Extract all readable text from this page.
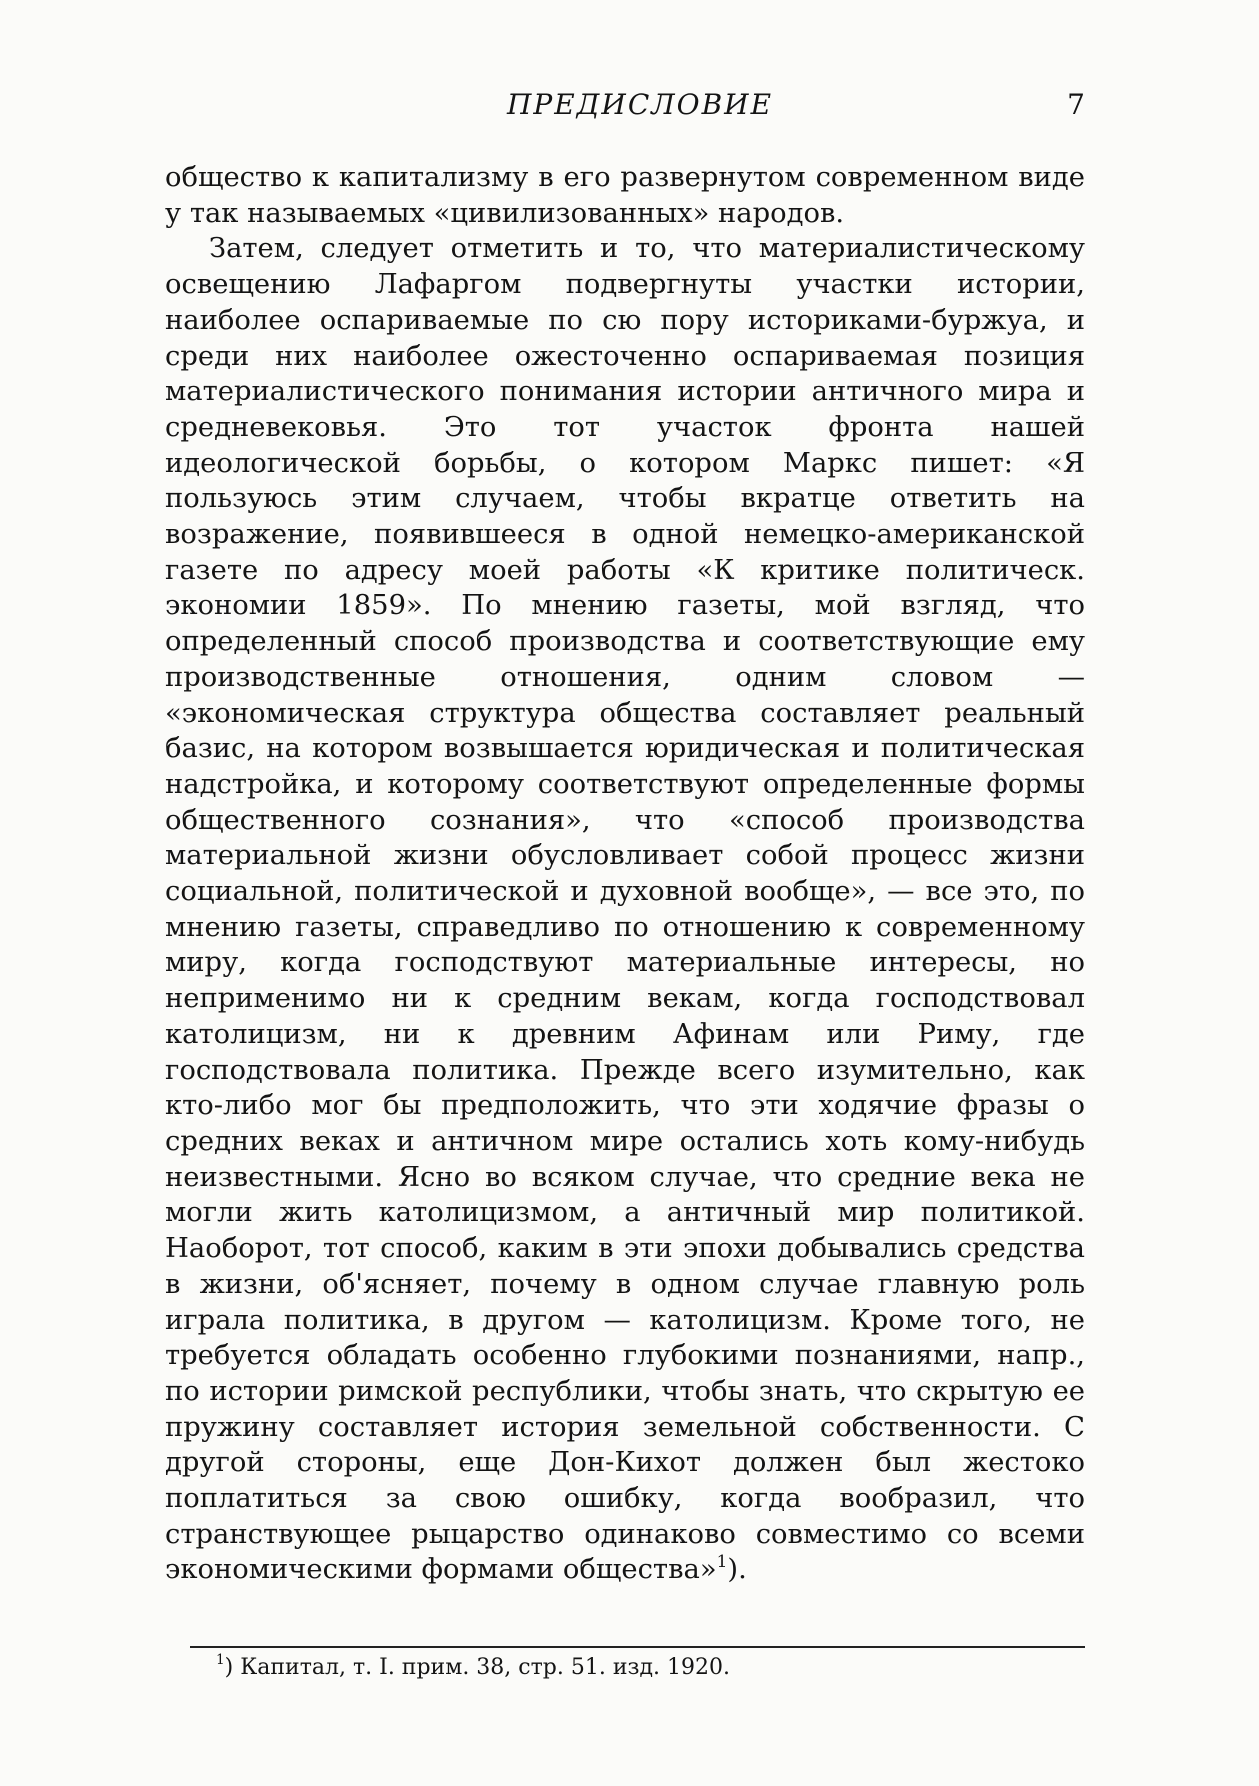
ПРЕДИСЛОВИЕ	7

общество к капитализму в его развернутом современном виде у так называемых «цивилизованных» народов.

Затем, следует отметить и то, что материалистическому освещению Лафаргом подвергнуты участки истории, наиболее оспариваемые по сю пору историками-буржуа, и среди них наиболее ожесточенно оспариваемая позиция материалистического понимания истории античного мира и средневековья. Это тот участок фронта нашей идеологической борьбы, о котором Маркс пишет: «Я пользуюсь этим случаем, чтобы вкратце ответить на возражение, появившееся в одной немецко-американской газете по адресу моей работы «К критике политическ. экономии 1859». По мнению газеты, мой взгляд, что определенный способ производства и соответствующие ему производственные отношения, одним словом — «экономическая структура общества составляет реальный базис, на котором возвышается юридическая и политическая надстройка, и которому соответствуют определенные формы общественного сознания», что «способ производства материальной жизни обусловливает собой процесс жизни социальной, политической и духовной вообще», — все это, по мнению газеты, справедливо по отношению к современному миру, когда господствуют материальные интересы, но неприменимо ни к средним векам, когда господствовал католицизм, ни к древним Афинам или Риму, где господствовала политика. Прежде всего изумительно, как кто-либо мог бы предположить, что эти ходячие фразы о средних веках и античном мире остались хоть кому-нибудь неизвестными. Ясно во всяком случае, что средние века не могли жить католицизмом, а античный мир политикой. Наоборот, тот способ, каким в эти эпохи добывались средства в жизни, об'ясняет, почему в одном случае главную роль играла политика, в другом — католицизм. Кроме того, не требуется обладать особенно глубокими познаниями, напр., по истории римской республики, чтобы знать, что скрытую ее пружину составляет история земельной собственности. С другой стороны, еще Дон-Кихот должен был жестоко поплатиться за свою ошибку, когда вообразил, что странствующее рыцарство одинаково совместимо со всеми экономическими формами общества»$^1$).

$^1$) Капитал, т. I. прим. 38, стр. 51. изд. 1920.
